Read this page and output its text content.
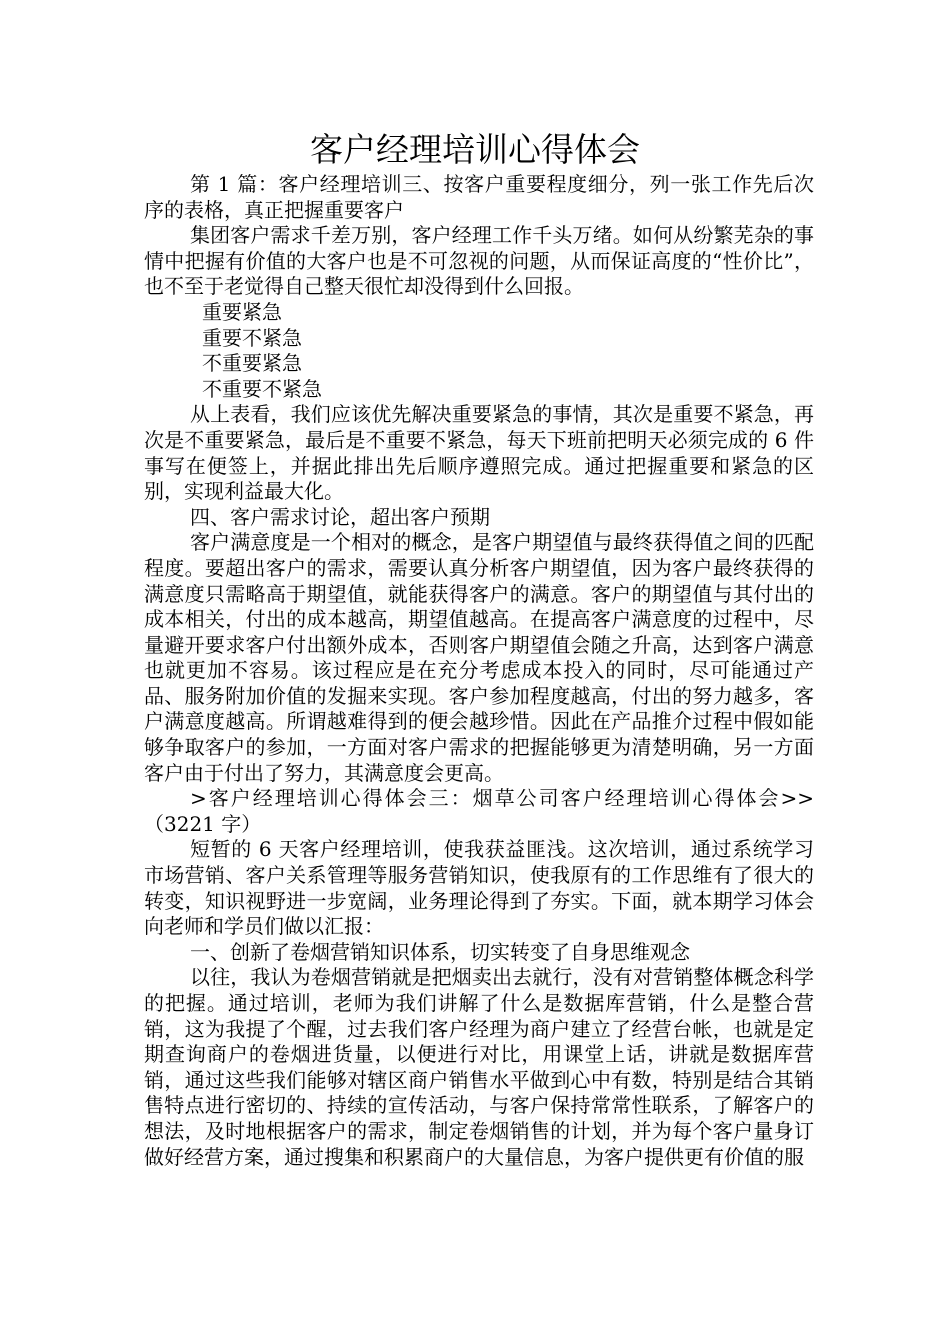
客户经理培训心得体会

第 1 篇：客户经理培训三、按客户重要程度细分，列一张工作先后次序的表格，真正把握重要客户

集团客户需求千差万别，客户经理工作千头万绪。如何从纷繁芜杂的事情中把握有价值的大客户也是不可忽视的问题，从而保证高度的“性价比”，也不至于老觉得自己整天很忙却没得到什么回报。

重要紧急

重要不紧急

不重要紧急

不重要不紧急

从上表看，我们应该优先解决重要紧急的事情，其次是重要不紧急，再次是不重要紧急，最后是不重要不紧急，每天下班前把明天必须完成的 6 件事写在便签上，并据此排出先后顺序遵照完成。通过把握重要和紧急的区别，实现利益最大化。

四、客户需求讨论，超出客户预期

客户满意度是一个相对的概念，是客户期望值与最终获得值之间的匹配程度。要超出客户的需求，需要认真分析客户期望值，因为客户最终获得的满意度只需略高于期望值，就能获得客户的满意。客户的期望值与其付出的成本相关，付出的成本越高，期望值越高。在提高客户满意度的过程中，尽量避开要求客户付出额外成本，否则客户期望值会随之升高，达到客户满意也就更加不容易。该过程应是在充分考虑成本投入的同时，尽可能通过产品、服务附加价值的发掘来实现。客户参加程度越高，付出的努力越多，客户满意度越高。所谓越难得到的便会越珍惜。因此在产品推介过程中假如能够争取客户的参加，一方面对客户需求的把握能够更为清楚明确，另一方面客户由于付出了努力，其满意度会更高。

>客户经理培训心得体会三：烟草公司客户经理培训心得体会>>（3221 字）

短暂的 6 天客户经理培训，使我获益匪浅。这次培训，通过系统学习市场营销、客户关系管理等服务营销知识，使我原有的工作思维有了很大的转变，知识视野进一步宽阔，业务理论得到了夯实。下面，就本期学习体会向老师和学员们做以汇报：

一、创新了卷烟营销知识体系，切实转变了自身思维观念

以往，我认为卷烟营销就是把烟卖出去就行，没有对营销整体概念科学的把握。通过培训，老师为我们讲解了什么是数据库营销，什么是整合营销，这为我提了个醒，过去我们客户经理为商户建立了经营台帐，也就是定期查询商户的卷烟进货量，以便进行对比，用课堂上话，讲就是数据库营销，通过这些我们能够对辖区商户销售水平做到心中有数，特别是结合其销售特点进行密切的、持续的宣传活动，与客户保持常常性联系，了解客户的想法，及时地根据客户的需求，制定卷烟销售的计划，并为每个客户量身订做好经营方案，通过搜集和积累商户的大量信息，为客户提供更有价值的服
